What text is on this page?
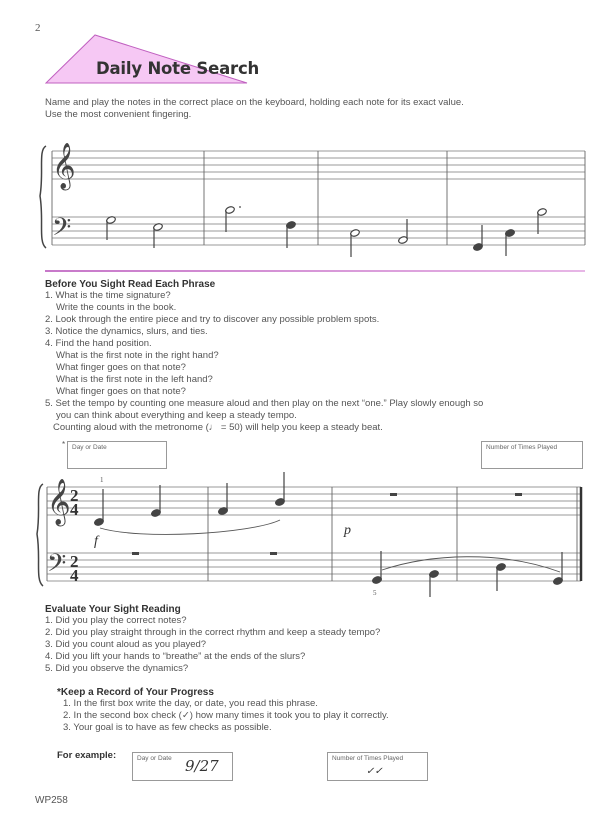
2
Daily Note Search
Name and play the notes in the correct place on the keyboard, holding each note for its exact value.
Use the most convenient fingering.
𝄞
𝄢
Before You Sight Read Each Phrase
1. What is the time signature?
Write the counts in the book.
2. Look through the entire piece and try to discover any possible problem spots.
3. Notice the dynamics, slurs, and ties.
4. Find the hand position.
What is the first note in the right hand?
What finger goes on that note?
What is the first note in the left hand?
What finger goes on that note?
5. Set the tempo by counting one measure aloud and then play on the next “one.” Play slowly enough so
you can think about everything and keep a steady tempo.
Counting aloud with the metronome (♩ = 50) will help you keep a steady beat.
*	Day or Date	Number of Times Played
𝄞
𝄢
2
4
2
4
1
5
f
p
Evaluate Your Sight Reading
1. Did you play the correct notes?
2. Did you play straight through in the correct rhythm and keep a steady tempo?
3. Did you count aloud as you played?
4. Did you lift your hands to “breathe” at the ends of the slurs?
5. Did you observe the dynamics?
*Keep a Record of Your Progress
1. In the first box write the day, or date, you read this phrase.
2. In the second box check (✓) how many times it took you to play it correctly.
3. Your goal is to have as few checks as possible.
For example:	Day or Date 9/27	Number of Times Played
✓✓
WP258
